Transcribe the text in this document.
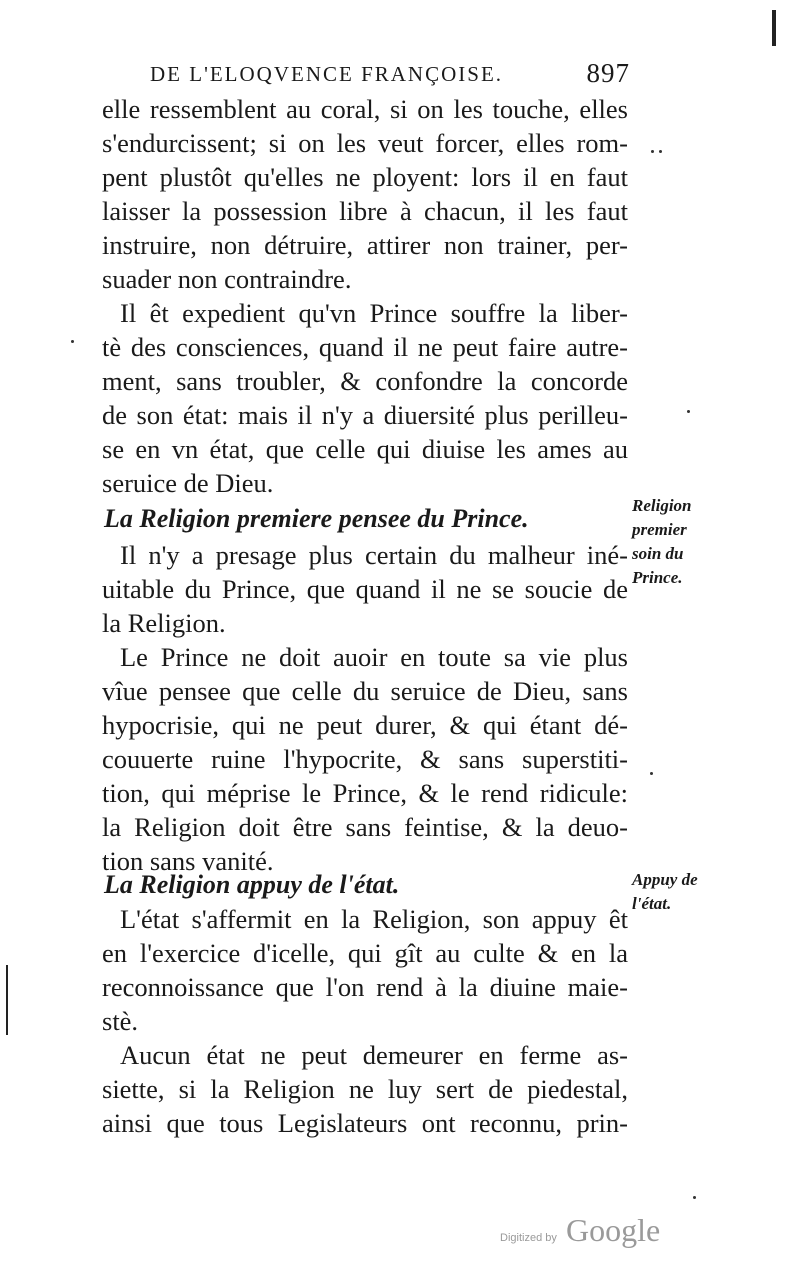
DE L'ELOQVENCE FRANÇOISE.	897
elle ressemblent au coral, si on les touche, elles
s'endurcissent; si on les veut forcer, elles rom-
pent plustôt qu'elles ne ployent: lors il en faut
laisser la possession libre à chacun, il les faut
instruire, non détruire, attirer non trainer, per-
suader non contraindre.
Il êt expedient qu'vn Prince souffre la liber-
tè des consciences, quand il ne peut faire autre-
ment, sans troubler, & confondre la concorde
de son état: mais il n'y a diuersité plus perilleu-
se en vn état, que celle qui diuise les ames au
seruice de Dieu.
La Religion premiere pensee du Prince.
Il n'y a presage plus certain du malheur iné-
uitable du Prince, que quand il ne se soucie de
la Religion.
Le Prince ne doit auoir en toute sa vie plus
vîue pensee que celle du seruice de Dieu, sans
hypocrisie, qui ne peut durer, & qui étant dé-
couuerte ruine l'hypocrite, & sans superstiti-
tion, qui méprise le Prince, & le rend ridicule:
la Religion doit être sans feintise, & la deuo-
tion sans vanité.
La Religion appuy de l'état.
L'état s'affermit en la Religion, son appuy êt
en l'exercice d'icelle, qui gît au culte & en la
reconnoissance que l'on rend à la diuine maie-
stè.
Aucun état ne peut demeurer en ferme as-
siette, si la Religion ne luy sert de piedestal,
ainsi que tous Legislateurs ont reconnu, prin-
Religion
premier
soin du
Prince.
Appuy de
l'état.
Digitized by Google
